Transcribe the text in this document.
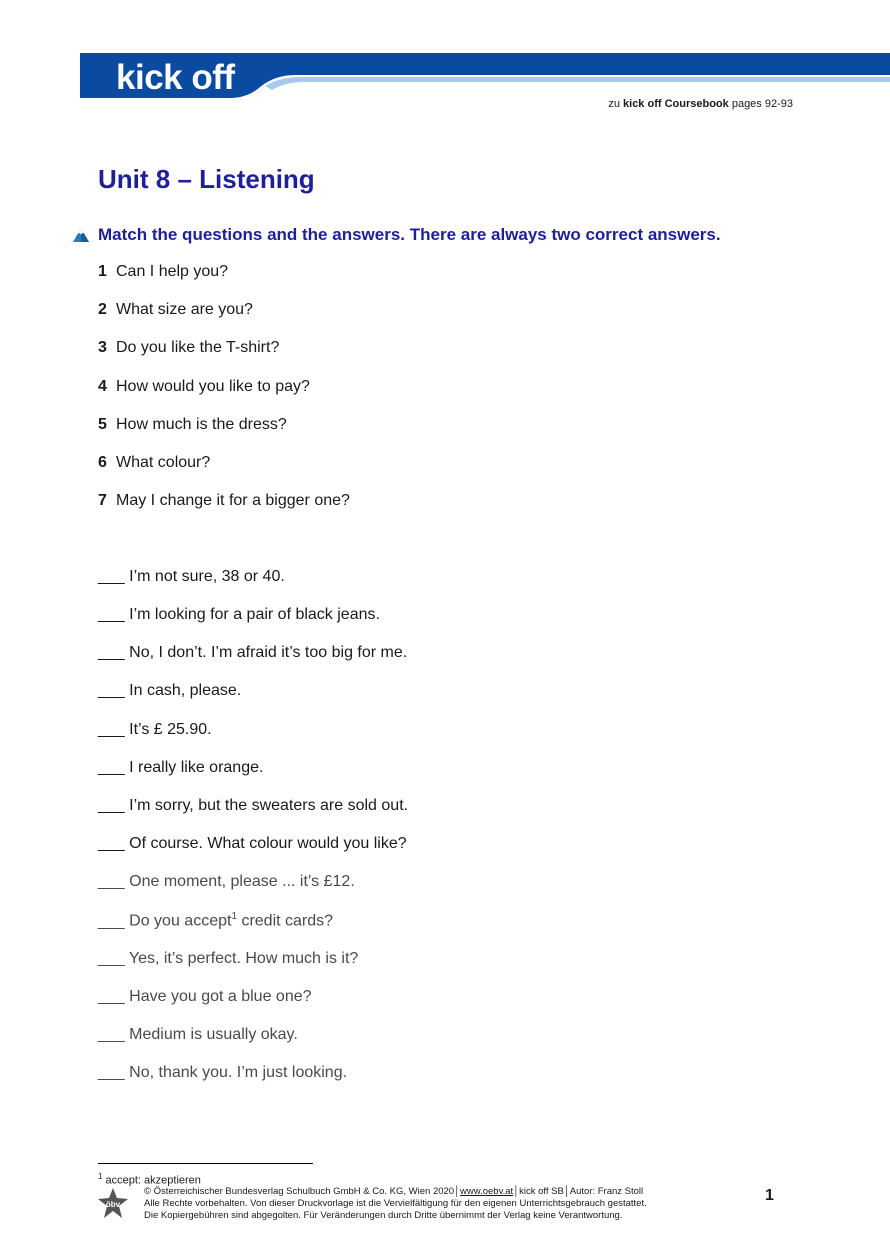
kick off
zu kick off Coursebook pages 92-93
Unit 8 – Listening
Match the questions and the answers. There are always two correct answers.
1 Can I help you?
2 What size are you?
3 Do you like the T-shirt?
4 How would you like to pay?
5 How much is the dress?
6 What colour?
7 May I change it for a bigger one?
___ I’m not sure, 38 or 40.
___ I’m looking for a pair of black jeans.
___ No, I don’t. I’m afraid it’s too big for me.
___ In cash, please.
___ It’s £ 25.90.
___ I really like orange.
___ I’m sorry, but the sweaters are sold out.
___ Of course. What colour would you like?
___ One moment, please ... it’s £12.
___ Do you accept$^1$ credit cards?
___ Yes, it’s perfect. How much is it?
___ Have you got a blue one?
___ Medium is usually okay.
___ No, thank you. I’m just looking.
$^1$ accept: akzeptieren
öbv
© Österreichischer Bundesverlag Schulbuch GmbH & Co. KG, Wien 2020│www.oebv.at│kick off SB│Autor: Franz Stoll
Alle Rechte vorbehalten. Von dieser Druckvorlage ist die Vervielfältigung für den eigenen Unterrichtsgebrauch gestattet.
Die Kopiergebühren sind abgegolten. Für Veränderungen durch Dritte übernimmt der Verlag keine Verantwortung.
1
